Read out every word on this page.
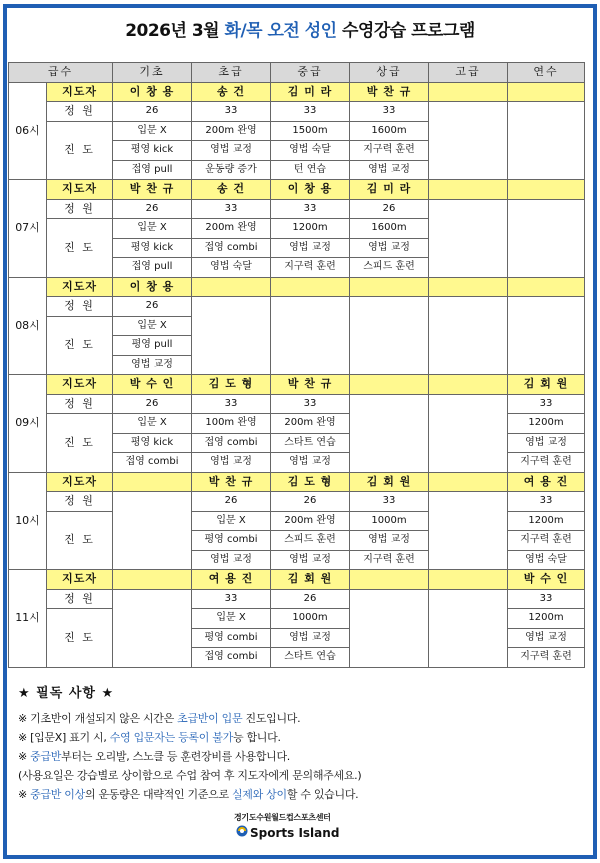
2026년 3월 화/목 오전 성인 수영강습 프로그램
급수		기초	초급	중급	상급	고급	연수
06시	지도자	이 창 용	송 건	김 미 라	박 찬 규		
	정 원	26	33	33	33		
	진 도	입문 X	200m 완영	1500m	1600m		
		평영 kick	영법 교정	영법 숙달	지구력 훈련		
		접영 pull	운동량 증가	턴 연습	영법 교정		
07시	지도자	박 찬 규	송 건	이 창 용	김 미 라		
	정 원	26	33	33	26		
	진 도	입문 X	200m 완영	1200m	1600m		
		평영 kick	접영 combi	영법 교정	영법 교정		
		접영 pull	영법 숙달	지구력 훈련	스피드 훈련		
08시	지도자	이 창 용					
	정 원	26					
	진 도	입문 X					
		평영 pull					
		영법 교정					
09시	지도자	박 수 인	김 도 형	박 찬 규			김 회 원
	정 원	26	33	33			33
	진 도	입문 X	100m 완영	200m 완영			1200m
		평영 kick	접영 combi	스타트 연습			영법 교정
		접영 combi	영법 교정	영법 교정			지구력 훈련
10시	지도자		박 찬 규	김 도 형	김 회 원		여 용 진
	정 원		26	26	33		33
	진 도		입문 X	200m 완영	1000m		1200m
			평영 combi	스피드 훈련	영법 교정		지구력 훈련
			영법 교정	영법 교정	지구력 훈련		영법 숙달
11시	지도자		여 용 진	김 회 원			박 수 인
	정 원		33	26			33
	진 도		입문 X	1000m			1200m
			평영 combi	영법 교정			영법 교정
			접영 combi	스타트 연습			지구력 훈련
★ 필독 사항 ★
※ 기초반이 개설되지 않은 시간은 초급반이 입문 진도입니다.
※ [입문X] 표기 시, 수영 입문자는 등록이 불가능 합니다.
※ 중급반부터는 오리발, 스노클 등 훈련장비를 사용합니다.
(사용요일은 강습별로 상이함으로 수업 참여 후 지도자에게 문의해주세요.)
※ 중급반 이상의 운동량은 대략적인 기준으로 실제와 상이할 수 있습니다.
경기도수원월드컵스포츠센터
Sports Island
